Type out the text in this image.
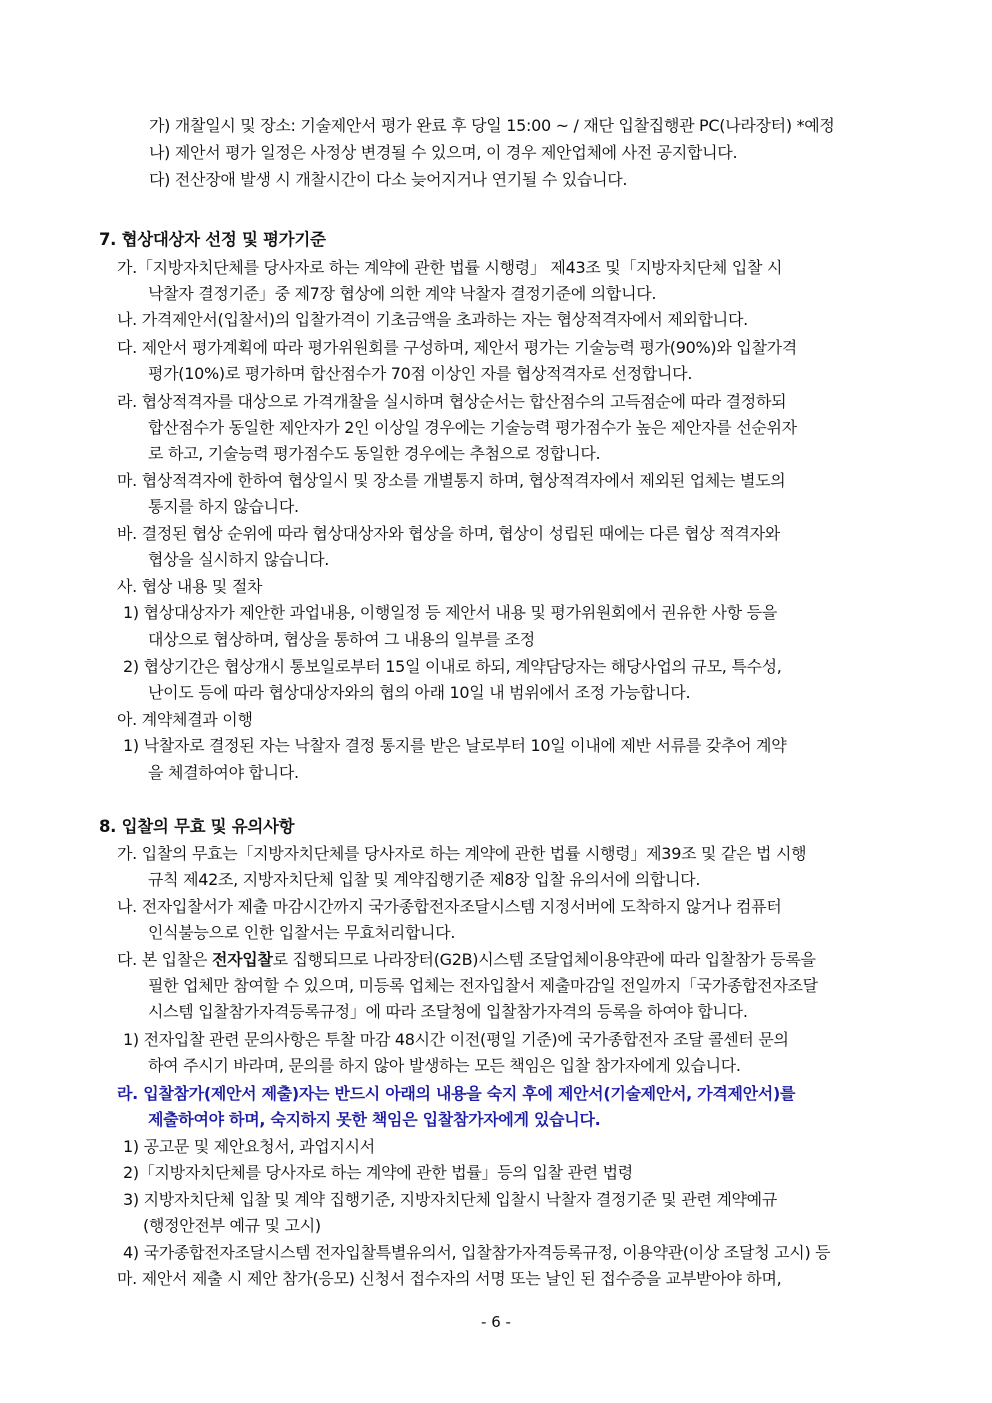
가) 개찰일시 및 장소: 기술제안서 평가 완료 후 당일 15:00 ~ / 재단 입찰집행관 PC(나라장터) *예정
나) 제안서 평가 일정은 사정상 변경될 수 있으며, 이 경우 제안업체에 사전 공지합니다.
다) 전산장애 발생 시 개찰시간이 다소 늦어지거나 연기될 수 있습니다.
7. 협상대상자 선정 및 평가기준
가.「지방자치단체를 당사자로 하는 계약에 관한 법률 시행령」 제43조 및「지방자치단체 입찰 시
낙찰자 결정기준」중 제7장 협상에 의한 계약 낙찰자 결정기준에 의합니다.
나. 가격제안서(입찰서)의 입찰가격이 기초금액을 초과하는 자는 협상적격자에서 제외합니다.
다. 제안서 평가계획에 따라 평가위원회를 구성하며, 제안서 평가는 기술능력 평가(90%)와 입찰가격
평가(10%)로 평가하며 합산점수가 70점 이상인 자를 협상적격자로 선정합니다.
라. 협상적격자를 대상으로 가격개찰을 실시하며 협상순서는 합산점수의 고득점순에 따라 결정하되
합산점수가 동일한 제안자가 2인 이상일 경우에는 기술능력 평가점수가 높은 제안자를 선순위자
로 하고, 기술능력 평가점수도 동일한 경우에는 추첨으로 정합니다.
마. 협상적격자에 한하여 협상일시 및 장소를 개별통지 하며, 협상적격자에서 제외된 업체는 별도의
통지를 하지 않습니다.
바. 결정된 협상 순위에 따라 협상대상자와 협상을 하며, 협상이 성립된 때에는 다른 협상 적격자와
협상을 실시하지 않습니다.
사. 협상 내용 및 절차
1) 협상대상자가 제안한 과업내용, 이행일정 등 제안서 내용 및 평가위원회에서 권유한 사항 등을
대상으로 협상하며, 협상을 통하여 그 내용의 일부를 조정
2) 협상기간은 협상개시 통보일로부터 15일 이내로 하되, 계약담당자는 해당사업의 규모, 특수성,
난이도 등에 따라 협상대상자와의 협의 아래 10일 내 범위에서 조정 가능합니다.
아. 계약체결과 이행
1) 낙찰자로 결정된 자는 낙찰자 결정 통지를 받은 날로부터 10일 이내에 제반 서류를 갖추어 계약
을 체결하여야 합니다.
8. 입찰의 무효 및 유의사항
가. 입찰의 무효는「지방자치단체를 당사자로 하는 계약에 관한 법률 시행령」제39조 및 같은 법 시행
규칙 제42조, 지방자치단체 입찰 및 계약집행기준 제8장 입찰 유의서에 의합니다.
나. 전자입찰서가 제출 마감시간까지 국가종합전자조달시스템 지정서버에 도착하지 않거나 컴퓨터
인식불능으로 인한 입찰서는 무효처리합니다.
다. 본 입찰은 전자입찰로 집행되므로 나라장터(G2B)시스템 조달업체이용약관에 따라 입찰참가 등록을
필한 업체만 참여할 수 있으며, 미등록 업체는 전자입찰서 제출마감일 전일까지「국가종합전자조달
시스템 입찰참가자격등록규정」에 따라 조달청에 입찰참가자격의 등록을 하여야 합니다.
1) 전자입찰 관련 문의사항은 투찰 마감 48시간 이전(평일 기준)에 국가종합전자 조달 콜센터 문의
하여 주시기 바라며, 문의를 하지 않아 발생하는 모든 책임은 입찰 참가자에게 있습니다.
라. 입찰참가(제안서 제출)자는 반드시 아래의 내용을 숙지 후에 제안서(기술제안서, 가격제안서)를
제출하여야 하며, 숙지하지 못한 책임은 입찰참가자에게 있습니다.
1) 공고문 및 제안요청서, 과업지시서
2)「지방자치단체를 당사자로 하는 계약에 관한 법률」등의 입찰 관련 법령
3) 지방자치단체 입찰 및 계약 집행기준, 지방자치단체 입찰시 낙찰자 결정기준 및 관련 계약예규
(행정안전부 예규 및 고시)
4) 국가종합전자조달시스템 전자입찰특별유의서, 입찰참가자격등록규정, 이용약관(이상 조달청 고시) 등
마. 제안서 제출 시 제안 참가(응모) 신청서 접수자의 서명 또는 날인 된 접수증을 교부받아야 하며,
- 6 -
